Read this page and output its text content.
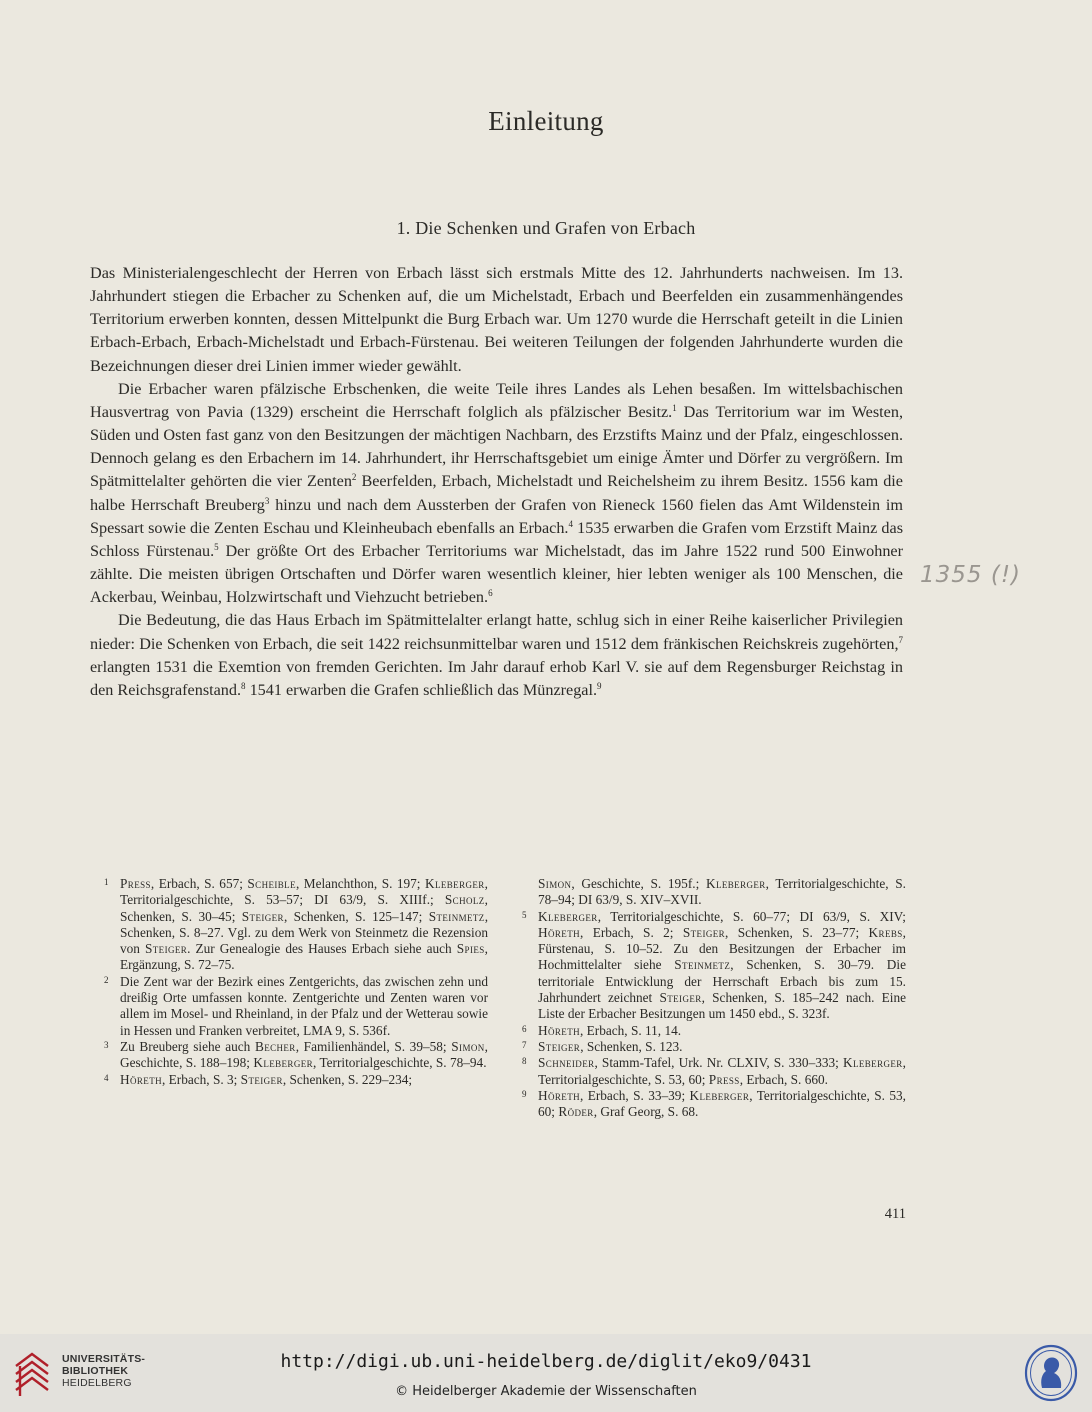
Einleitung
1. Die Schenken und Grafen von Erbach

Das Ministerialengeschlecht der Herren von Erbach lässt sich erstmals Mitte des 12. Jahrhunderts nachweisen. Im 13. Jahrhundert stiegen die Erbacher zu Schenken auf, die um Michelstadt, Erbach und Beerfelden ein zusammenhängendes Territorium erwerben konnten, dessen Mittelpunkt die Burg Erbach war. Um 1270 wurde die Herrschaft geteilt in die Linien Erbach-Erbach, Erbach-Michelstadt und Erbach-Fürstenau. Bei weiteren Teilungen der folgenden Jahrhunderte wurden die Bezeichnungen dieser drei Linien immer wieder gewählt.

Die Erbacher waren pfälzische Erbschenken, die weite Teile ihres Landes als Lehen besaßen. Im wittelsbachischen Hausvertrag von Pavia (1329) erscheint die Herrschaft folglich als pfälzischer Besitz.$^1$ Das Territorium war im Westen, Süden und Osten fast ganz von den Besitzungen der mächtigen Nachbarn, des Erzstifts Mainz und der Pfalz, eingeschlossen. Dennoch gelang es den Erbachern im 14. Jahrhundert, ihr Herrschaftsgebiet um einige Ämter und Dörfer zu vergrößern. Im Spätmittelalter gehörten die vier Zenten$^2$ Beerfelden, Erbach, Michelstadt und Reichelsheim zu ihrem Besitz. 1556 kam die halbe Herrschaft Breuberg$^3$ hinzu und nach dem Aussterben der Grafen von Rieneck 1560 fielen das Amt Wildenstein im Spessart sowie die Zenten Eschau und Kleinheubach ebenfalls an Erbach.$^4$ 1535 erwarben die Grafen vom Erzstift Mainz das Schloss Fürstenau.$^5$ Der größte Ort des Erbacher Territoriums war Michelstadt, das im Jahre 1522 rund 500 Einwohner zählte. Die meisten übrigen Ortschaften und Dörfer waren wesentlich kleiner, hier lebten weniger als 100 Menschen, die Ackerbau, Weinbau, Holzwirtschaft und Viehzucht betrieben.$^6$

Die Bedeutung, die das Haus Erbach im Spätmittelalter erlangt hatte, schlug sich in einer Reihe kaiserlicher Privilegien nieder: Die Schenken von Erbach, die seit 1422 reichsunmittelbar waren und 1512 dem fränkischen Reichskreis zugehörten,$^7$ erlangten 1531 die Exemtion von fremden Gerichten. Im Jahr darauf erhob Karl V. sie auf dem Regensburger Reichstag in den Reichsgrafenstand.$^8$ 1541 erwarben die Grafen schließlich das Münzregal.$^9$

1355 (!)

1 Press, Erbach, S. 657; Scheible, Melanchthon, S. 197; Kleberger, Territorialgeschichte, S. 53–57; DI 63/9, S. XIIIf.; Scholz, Schenken, S. 30–45; Steiger, Schenken, S. 125–147; Steinmetz, Schenken, S. 8–27. Vgl. zu dem Werk von Steinmetz die Rezension von Steiger. Zur Genealogie des Hauses Erbach siehe auch Spies, Ergänzung, S. 72–75.

2 Die Zent war der Bezirk eines Zentgerichts, das zwischen zehn und dreißig Orte umfassen konnte. Zentgerichte und Zenten waren vor allem im Mosel- und Rheinland, in der Pfalz und der Wetterau sowie in Hessen und Franken verbreitet, LMA 9, S. 536f.

3 Zu Breuberg siehe auch Becher, Familienhändel, S. 39–58; Simon, Geschichte, S. 188–198; Kleberger, Territorialgeschichte, S. 78–94.

4 Höreth, Erbach, S. 3; Steiger, Schenken, S. 229–234;

Simon, Geschichte, S. 195f.; Kleberger, Territorialgeschichte, S. 78–94; DI 63/9, S. XIV–XVII.

5 Kleberger, Territorialgeschichte, S. 60–77; DI 63/9, S. XIV; Höreth, Erbach, S. 2; Steiger, Schenken, S. 23–77; Krebs, Fürstenau, S. 10–52. Zu den Besitzungen der Erbacher im Hochmittelalter siehe Steinmetz, Schenken, S. 30–79. Die territoriale Entwicklung der Herrschaft Erbach bis zum 15. Jahrhundert zeichnet Steiger, Schenken, S. 185–242 nach. Eine Liste der Erbacher Besitzungen um 1450 ebd., S. 323f.

6 Höreth, Erbach, S. 11, 14.

7 Steiger, Schenken, S. 123.

8 Schneider, Stamm-Tafel, Urk. Nr. CLXIV, S. 330–333; Kleberger, Territorialgeschichte, S. 53, 60; Press, Erbach, S. 660.

9 Höreth, Erbach, S. 33–39; Kleberger, Territorialgeschichte, S. 53, 60; Röder, Graf Georg, S. 68.

411
UNIVERSITÄTS-
BIBLIOTHEK
HEIDELBERG
http://digi.ub.uni-heidelberg.de/diglit/eko9/0431
© Heidelberger Akademie der Wissenschaften
